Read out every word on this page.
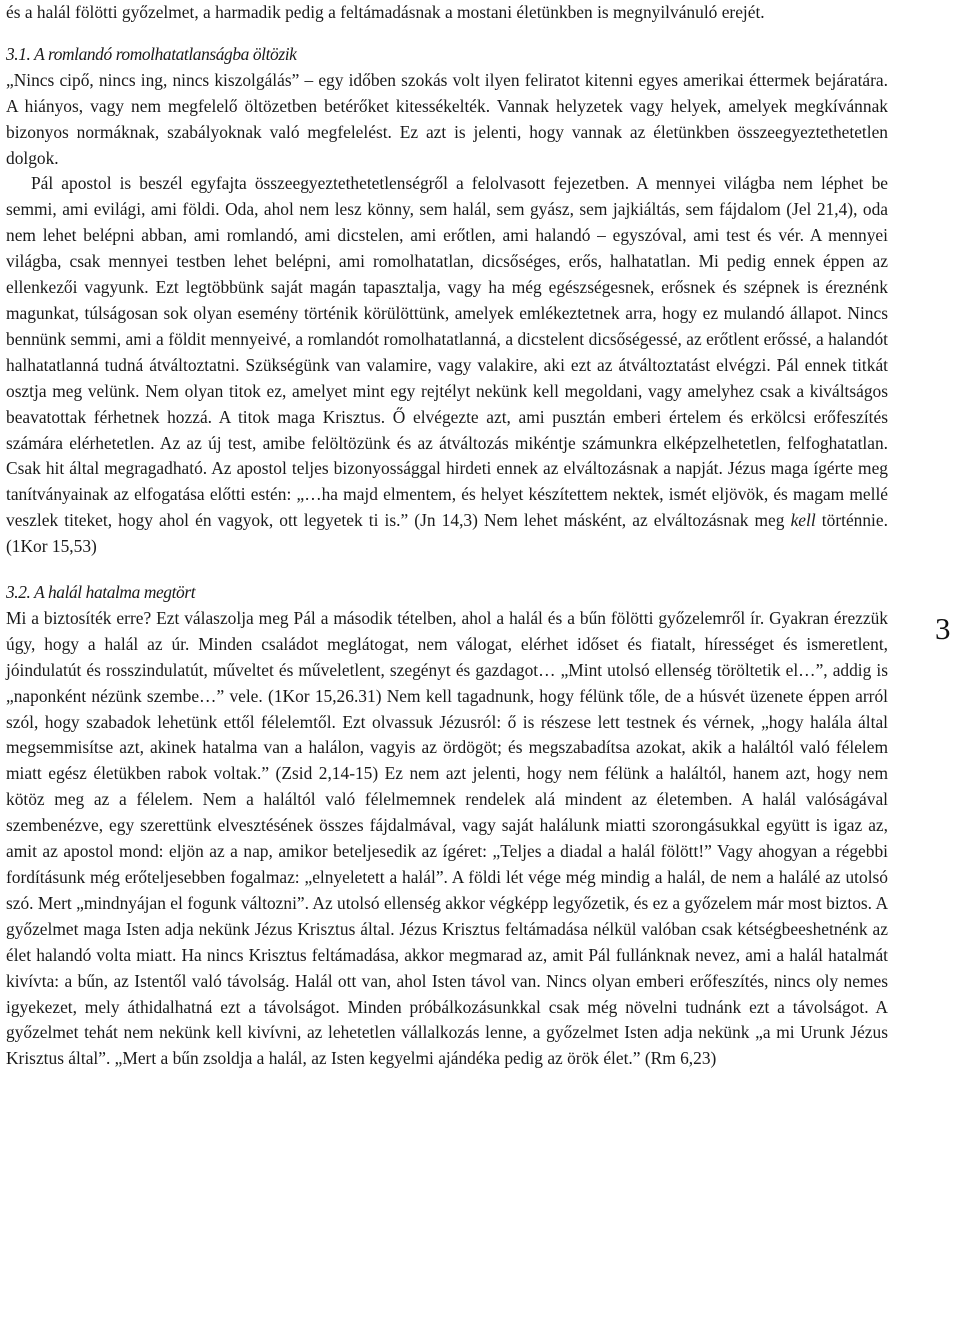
és a halál fölötti győzelmet, a harmadik pedig a feltámadásnak a mostani életünkben is megnyilvánuló erejét.
3.1. A romlandó romolhatatlanságba öltözik
„Nincs cipő, nincs ing, nincs kiszolgálás” – egy időben szokás volt ilyen feliratot kitenni egyes amerikai éttermek bejáratára. A hiányos, vagy nem megfelelő öltözetben betérőket kitessékelték. Vannak helyzetek vagy helyek, amelyek megkívánnak bizonyos normáknak, szabályoknak való megfelelést. Ez azt is jelenti, hogy vannak az életünkben összeegyeztethetetlen dolgok.
Pál apostol is beszél egyfajta összeegyeztethetetlenségről a felolvasott fejezetben. A mennyei világba nem léphet be semmi, ami evilági, ami földi. Oda, ahol nem lesz könny, sem halál, sem gyász, sem jajkiáltás, sem fájdalom (Jel 21,4), oda nem lehet belépni abban, ami romlandó, ami dicstelen, ami erőtlen, ami halandó – egyszóval, ami test és vér. A mennyei világba, csak mennyei testben lehet belépni, ami romolhatatlan, dicsőséges, erős, halhatatlan. Mi pedig ennek éppen az ellenkezői vagyunk. Ezt legtöbbünk saját magán tapasztalja, vagy ha még egészségesnek, erősnek és szépnek is éreznénk magunkat, túlságosan sok olyan esemény történik körülöttünk, amelyek emlékeztetnek arra, hogy ez mulandó állapot. Nincs bennünk semmi, ami a földit mennyeivé, a romlandót romolhatatlanná, a dicstelent dicsőségessé, az erőtlent erőssé, a halandót halhatatlanná tudná átváltoztatni. Szükségünk van valamire, vagy valakire, aki ezt az átváltoztatást elvégzi. Pál ennek titkát osztja meg velünk. Nem olyan titok ez, amelyet mint egy rejtélyt nekünk kell megoldani, vagy amelyhez csak a kiváltságos beavatottak férhetnek hozzá. A titok maga Krisztus. Ő elvégezte azt, ami pusztán emberi értelem és erkölcsi erőfeszítés számára elérhetetlen. Az az új test, amibe felöltözünk és az átváltozás mikéntje számunkra elképzelhetetlen, felfoghatatlan. Csak hit által megragadható. Az apostol teljes bizonyossággal hirdeti ennek az elváltozásnak a napját. Jézus maga ígérte meg tanítványainak az elfogatása előtti estén: „…ha majd elmentem, és helyet készítettem nektek, ismét eljövök, és magam mellé veszlek titeket, hogy ahol én vagyok, ott legyetek ti is.” (Jn 14,3) Nem lehet másként, az elváltozásnak meg kell történnie. (1Kor 15,53)
3.2. A halál hatalma megtört
Mi a biztosíték erre? Ezt válaszolja meg Pál a második tételben, ahol a halál és a bűn fölötti győzelemről ír. Gyakran érezzük úgy, hogy a halál az úr. Minden családot meglátogat, nem válogat, elérhet időset és fiatalt, hírességet és ismeretlent, jóindulatút és rosszindulatút, műveltet és műveletlent, szegényt és gazdagot… „Mint utolsó ellenség töröltetik el…”, addig is „naponként nézünk szembe…” vele. (1Kor 15,26.31) Nem kell tagadnunk, hogy félünk tőle, de a húsvét üzenete éppen arról szól, hogy szabadok lehetünk ettől félelemtől. Ezt olvassuk Jézusról: ő is részese lett testnek és vérnek, „hogy halála által megsemmisítse azt, akinek hatalma van a halálon, vagyis az ördögöt; és megszabadítsa azokat, akik a haláltól való félelem miatt egész életükben rabok voltak.” (Zsid 2,14-15) Ez nem azt jelenti, hogy nem félünk a haláltól, hanem azt, hogy nem kötöz meg az a félelem. Nem a haláltól való félelmemnek rendelek alá mindent az életemben. A halál valóságával szembenézve, egy szerettünk elvesztésének összes fájdalmával, vagy saját halálunk miatti szorongásukkal együtt is igaz az, amit az apostol mond: eljön az a nap, amikor beteljesedik az ígéret: „Teljes a diadal a halál fölött!” Vagy ahogyan a régebbi fordításunk még erőteljesebben fogalmaz: „elnyeletett a halál”. A földi lét vége még mindig a halál, de nem a halálé az utolsó szó. Mert „mindnyájan el fogunk változni”. Az utolsó ellenség akkor végképp legyőzetik, és ez a győzelem már most biztos. A győzelmet maga Isten adja nekünk Jézus Krisztus által. Jézus Krisztus feltámadása nélkül valóban csak kétségbeeshetnénk az élet halandó volta miatt. Ha nincs Krisztus feltámadása, akkor megmarad az, amit Pál fullánknak nevez, ami a halál hatalmát kivívta: a bűn, az Istentől való távolság. Halál ott van, ahol Isten távol van. Nincs olyan emberi erőfeszítés, nincs oly nemes igyekezet, mely áthidalhatná ezt a távolságot. Minden próbálkozásunkkal csak még növelni tudnánk ezt a távolságot. A győzelmet tehát nem nekünk kell kivívni, az lehetetlen vállalkozás lenne, a győzelmet Isten adja nekünk „a mi Urunk Jézus Krisztus által”. „Mert a bűn zsoldja a halál, az Isten kegyelmi ajándéka pedig az örök élet.” (Rm 6,23)
3
